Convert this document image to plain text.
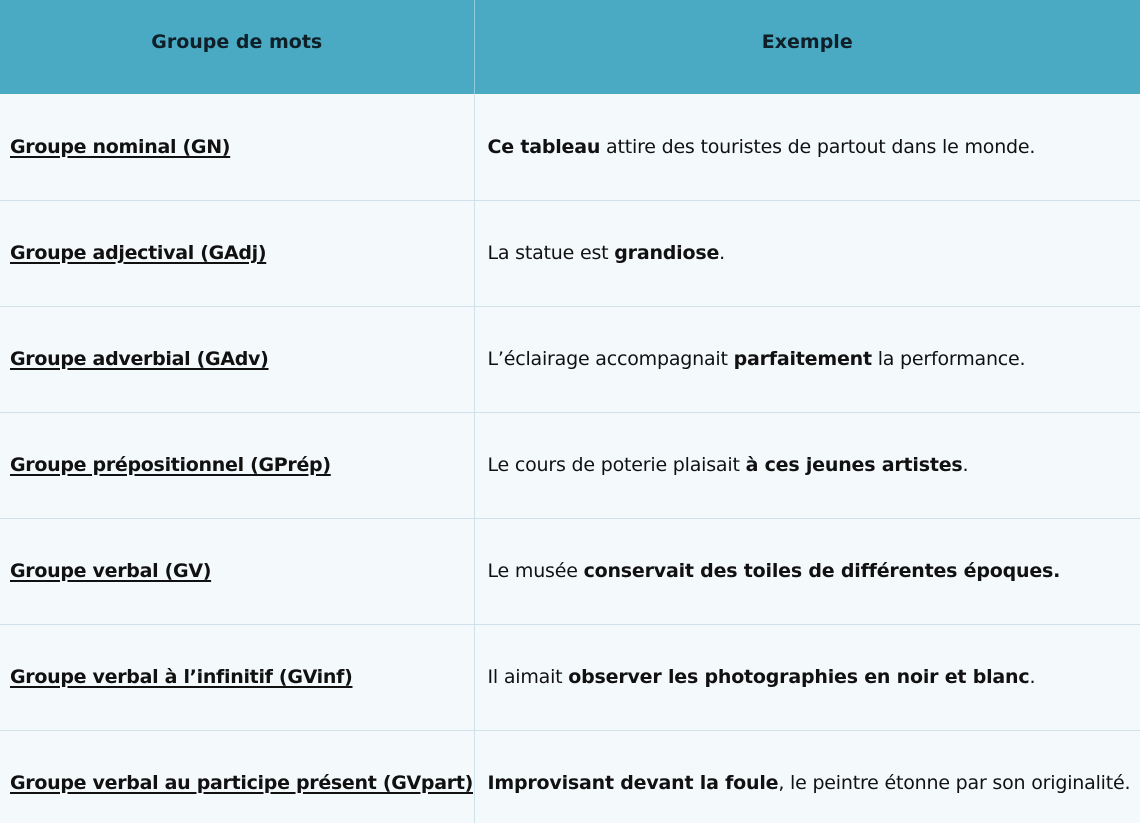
Groupe de mots	Exemple
Groupe nominal (GN)	Ce tableau attire des touristes de partout dans le monde.
Groupe adjectival (GAdj)	La statue est grandiose.
Groupe adverbial (GAdv)	L’éclairage accompagnait parfaitement la performance.
Groupe prépositionnel (GPrép)	Le cours de poterie plaisait à ces jeunes artistes.
Groupe verbal (GV)	Le musée conservait des toiles de différentes époques.
Groupe verbal à l’infinitif (GVinf)	Il aimait observer les photographies en noir et blanc.
Groupe verbal au participe présent (GVpart)	Improvisant devant la foule, le peintre étonne par son originalité.
